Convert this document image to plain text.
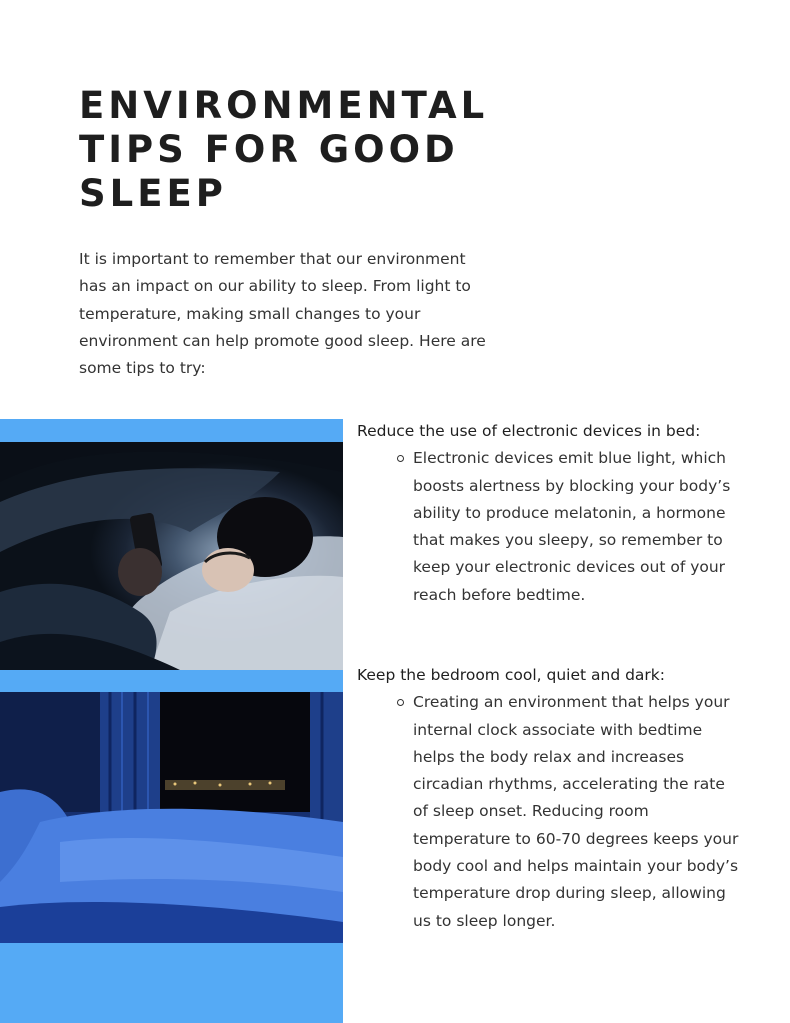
ENVIRONMENTAL TIPS FOR GOOD SLEEP

It is important to remember that our environment has an impact on our ability to sleep. From light to temperature, making small changes to your environment can help promote good sleep. Here are some tips to try:

Reduce the use of electronic devices in bed:

Electronic devices emit blue light, which boosts alertness by blocking your body’s ability to produce melatonin, a hormone that makes you sleepy, so remember to keep your electronic devices out of your reach before bedtime.

Keep the bedroom cool, quiet and dark:

Creating an environment that helps your internal clock associate with bedtime helps the body relax and increases circadian rhythms, accelerating the rate of sleep onset. Reducing room temperature to 60-70 degrees keeps your body cool and helps maintain your body’s temperature drop during sleep, allowing us to sleep longer.
